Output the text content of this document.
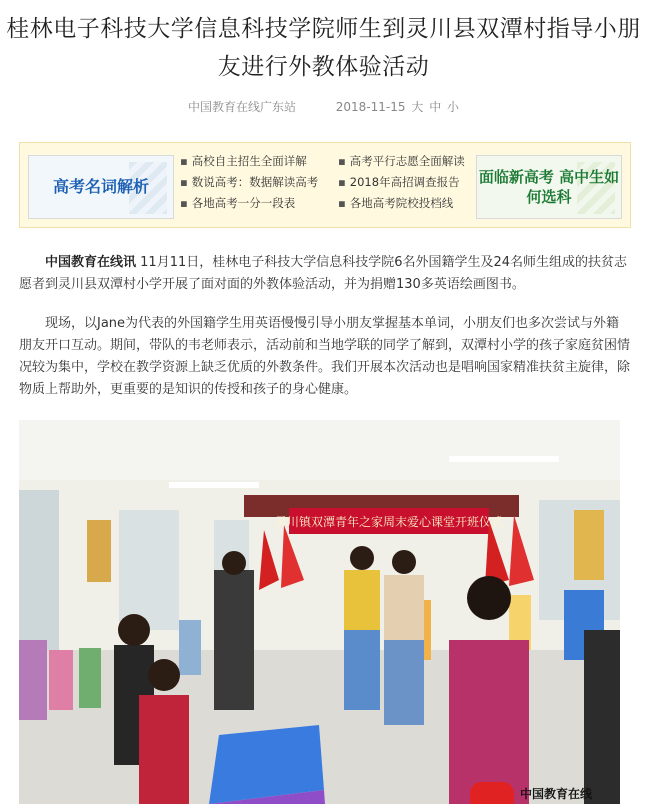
桂林电子科技大学信息科技学院师生到灵川县双潭村指导小朋友进行外教体验活动
中国教育在线广东站	2018-11-15 大 中 小
高考名词解析
▪ 高校自主招生全面详解	▪ 高考平行志愿全面解读
▪ 数说高考：数据解读高考	▪ 2018年高招调查报告
▪ 各地高考一分一段表	▪ 各地高考院校投档线
面临新高考 高中生如何选科

中国教育在线讯 11月11日，桂林电子科技大学信息科技学院6名外国籍学生及24名师生组成的扶贫志愿者到灵川县双潭村小学开展了面对面的外教体验活动，并为捐赠130多英语绘画图书。

现场，以Jane为代表的外国籍学生用英语慢慢引导小朋友掌握基本单词，小朋友们也多次尝试与外籍朋友开口互动。期间，带队的韦老师表示，活动前和当地学联的同学了解到，双潭村小学的孩子家庭贫困情况较为集中，学校在教学资源上缺乏优质的外教条件。我们开展本次活动也是唱响国家精准扶贫主旋律，除物质上帮助外，更重要的是知识的传授和孩子的身心健康。

灵川镇双潭青年之家周末爱心课堂开班仪式
中国教育在线
